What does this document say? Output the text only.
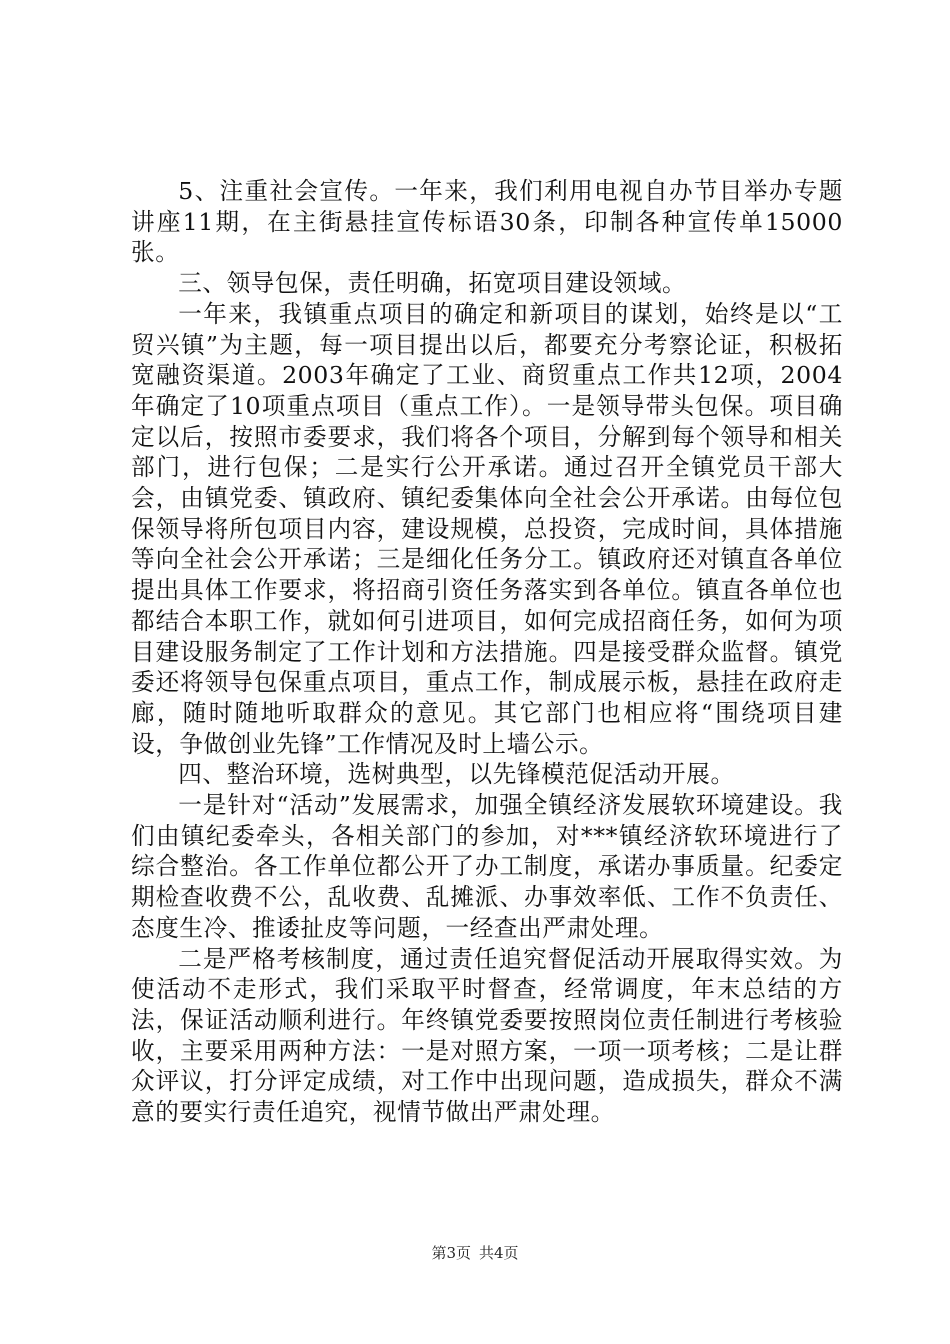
5、注重社会宣传。一年来，我们利用电视自办节目举办专题讲座11期，在主街悬挂宣传标语30条，印制各种宣传单15000张。

三、领导包保，责任明确，拓宽项目建设领域。

一年来，我镇重点项目的确定和新项目的谋划，始终是以“工贸兴镇”为主题，每一项目提出以后，都要充分考察论证，积极拓宽融资渠道。2003年确定了工业、商贸重点工作共12项，2004年确定了10项重点项目（重点工作）。一是领导带头包保。项目确定以后，按照市委要求，我们将各个项目，分解到每个领导和相关部门，进行包保；二是实行公开承诺。通过召开全镇党员干部大会，由镇党委、镇政府、镇纪委集体向全社会公开承诺。由每位包保领导将所包项目内容，建设规模，总投资，完成时间，具体措施等向全社会公开承诺；三是细化任务分工。镇政府还对镇直各单位提出具体工作要求，将招商引资任务落实到各单位。镇直各单位也都结合本职工作，就如何引进项目，如何完成招商任务，如何为项目建设服务制定了工作计划和方法措施。四是接受群众监督。镇党委还将领导包保重点项目，重点工作，制成展示板，悬挂在政府走廊，随时随地听取群众的意见。其它部门也相应将“围绕项目建设，争做创业先锋”工作情况及时上墙公示。

四、整治环境，选树典型，以先锋模范促活动开展。

一是针对“活动”发展需求，加强全镇经济发展软环境建设。我们由镇纪委牵头，各相关部门的参加，对***镇经济软环境进行了综合整治。各工作单位都公开了办工制度，承诺办事质量。纪委定期检查收费不公，乱收费、乱摊派、办事效率低、工作不负责任、态度生冷、推诿扯皮等问题，一经查出严肃处理。

二是严格考核制度，通过责任追究督促活动开展取得实效。为使活动不走形式，我们采取平时督查，经常调度，年末总结的方法，保证活动顺利进行。年终镇党委要按照岗位责任制进行考核验收，主要采用两种方法：一是对照方案，一项一项考核；二是让群众评议，打分评定成绩，对工作中出现问题，造成损失，群众不满意的要实行责任追究，视情节做出严肃处理。

第3页 共4页
